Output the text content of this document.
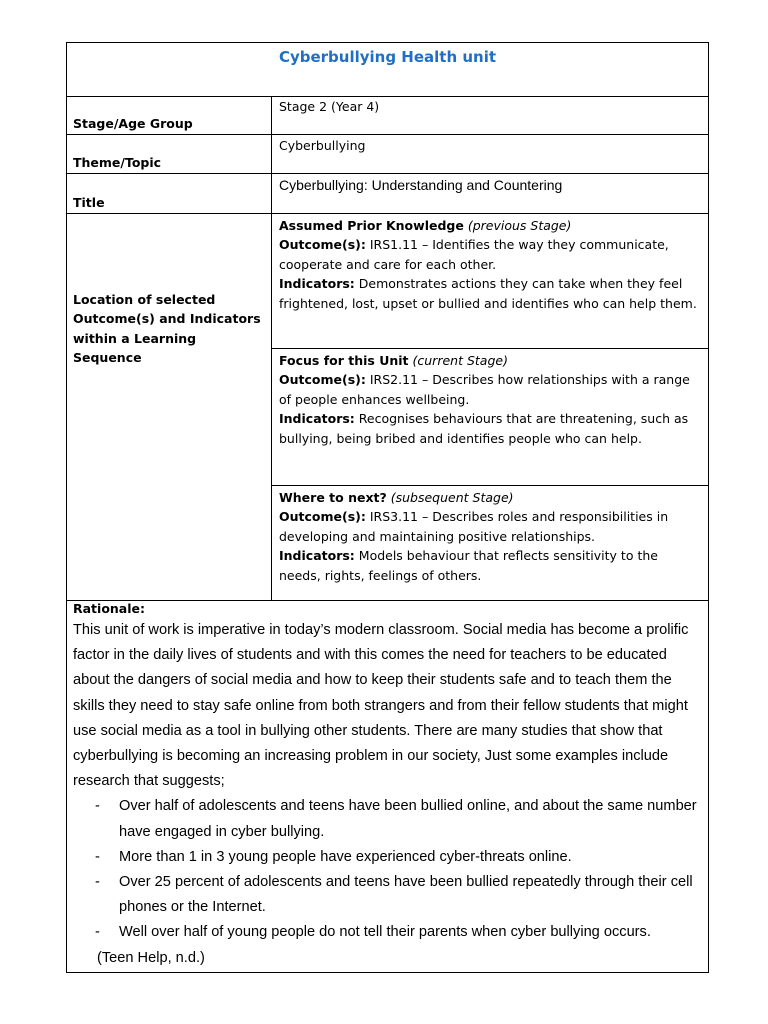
Cyberbullying Health unit
Stage/Age Group
Stage 2 (Year 4)
Theme/Topic
Cyberbullying
Title
Cyberbullying: Understanding and Countering
Location of selected Outcome(s) and Indicators within a Learning Sequence
Assumed Prior Knowledge (previous Stage)
Outcome(s): IRS1.11 – Identifies the way they communicate, cooperate and care for each other.
Indicators: Demonstrates actions they can take when they feel frightened, lost, upset or bullied and identifies who can help them.
Focus for this Unit (current Stage)
Outcome(s): IRS2.11 – Describes how relationships with a range of people enhances wellbeing.
Indicators: Recognises behaviours that are threatening, such as bullying, being bribed and identifies people who can help.
Where to next? (subsequent Stage)
Outcome(s): IRS3.11 – Describes roles and responsibilities in developing and maintaining positive relationships.
Indicators: Models behaviour that reflects sensitivity to the needs, rights, feelings of others.
Rationale:
This unit of work is imperative in today’s modern classroom. Social media has become a prolific factor in the daily lives of students and with this comes the need for teachers to be educated about the dangers of social media and how to keep their students safe and to teach them the skills they need to stay safe online from both strangers and from their fellow students that might use social media as a tool in bullying other students. There are many studies that show that cyberbullying is becoming an increasing problem in our society, Just some examples include research that suggests;
- Over half of adolescents and teens have been bullied online, and about the same number have engaged in cyber bullying.
- More than 1 in 3 young people have experienced cyber-threats online.
- Over 25 percent of adolescents and teens have been bullied repeatedly through their cell phones or the Internet.
- Well over half of young people do not tell their parents when cyber bullying occurs.
(Teen Help, n.d.)
